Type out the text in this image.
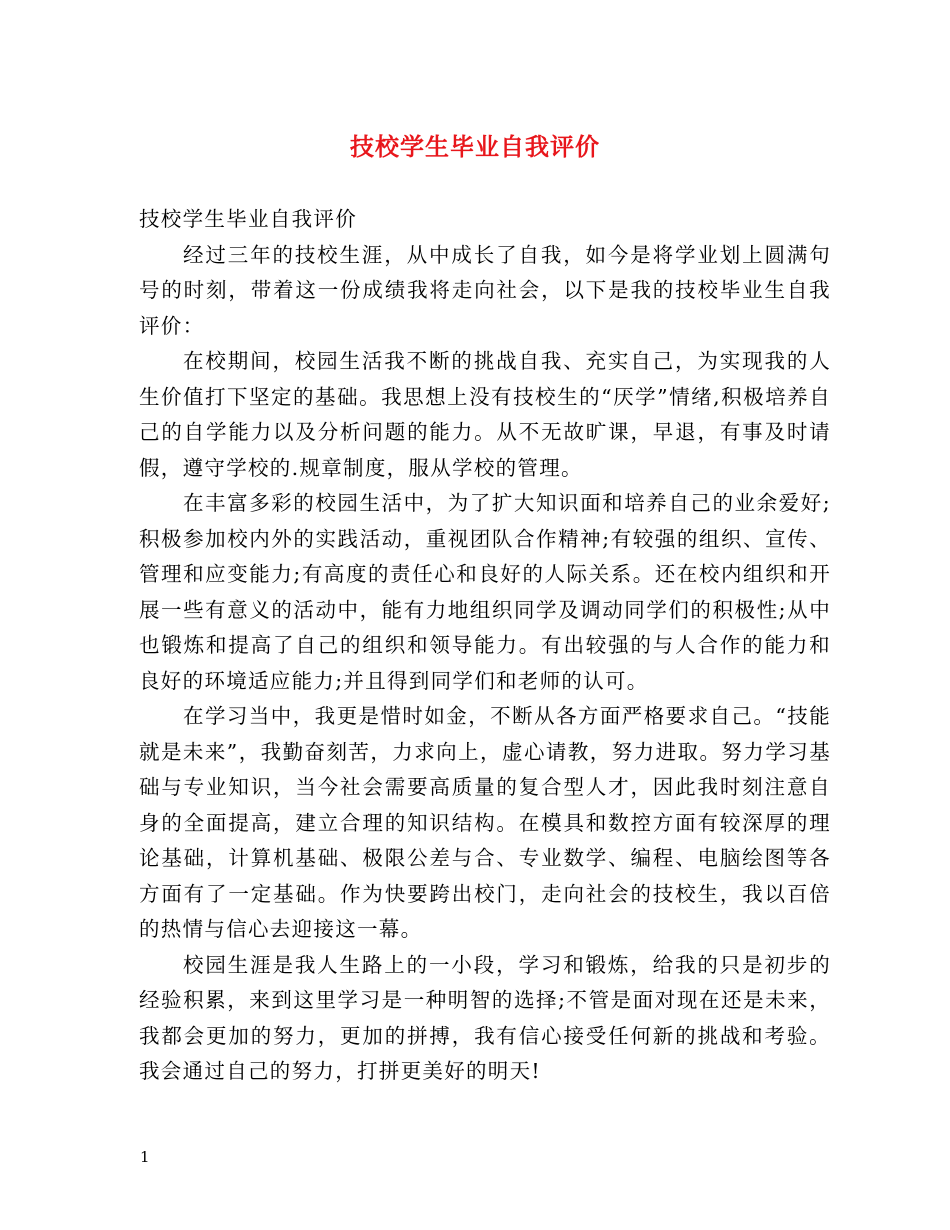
技校学生毕业自我评价

技校学生毕业自我评价

经过三年的技校生涯，从中成长了自我，如今是将学业划上圆满句号的时刻，带着这一份成绩我将走向社会，以下是我的技校毕业生自我评价：

在校期间，校园生活我不断的挑战自我、充实自己，为实现我的人生价值打下坚定的基础。我思想上没有技校生的“厌学”情绪,积极培养自己的自学能力以及分析问题的能力。从不无故旷课，早退，有事及时请假，遵守学校的.规章制度，服从学校的管理。

在丰富多彩的校园生活中，为了扩大知识面和培养自己的业余爱好;积极参加校内外的实践活动，重视团队合作精神;有较强的组织、宣传、管理和应变能力;有高度的责任心和良好的人际关系。还在校内组织和开展一些有意义的活动中，能有力地组织同学及调动同学们的积极性;从中也锻炼和提高了自己的组织和领导能力。有出较强的与人合作的能力和良好的环境适应能力;并且得到同学们和老师的认可。

在学习当中，我更是惜时如金，不断从各方面严格要求自己。“技能就是未来”，我勤奋刻苦，力求向上，虚心请教，努力进取。努力学习基础与专业知识，当今社会需要高质量的复合型人才，因此我时刻注意自身的全面提高，建立合理的知识结构。在模具和数控方面有较深厚的理论基础，计算机基础、极限公差与合、专业数学、编程、电脑绘图等各方面有了一定基础。作为快要跨出校门，走向社会的技校生，我以百倍的热情与信心去迎接这一幕。

校园生涯是我人生路上的一小段，学习和锻炼，给我的只是初步的经验积累，来到这里学习是一种明智的选择;不管是面对现在还是未来，我都会更加的努力，更加的拼搏，我有信心接受任何新的挑战和考验。我会通过自己的努力，打拼更美好的明天!

1
